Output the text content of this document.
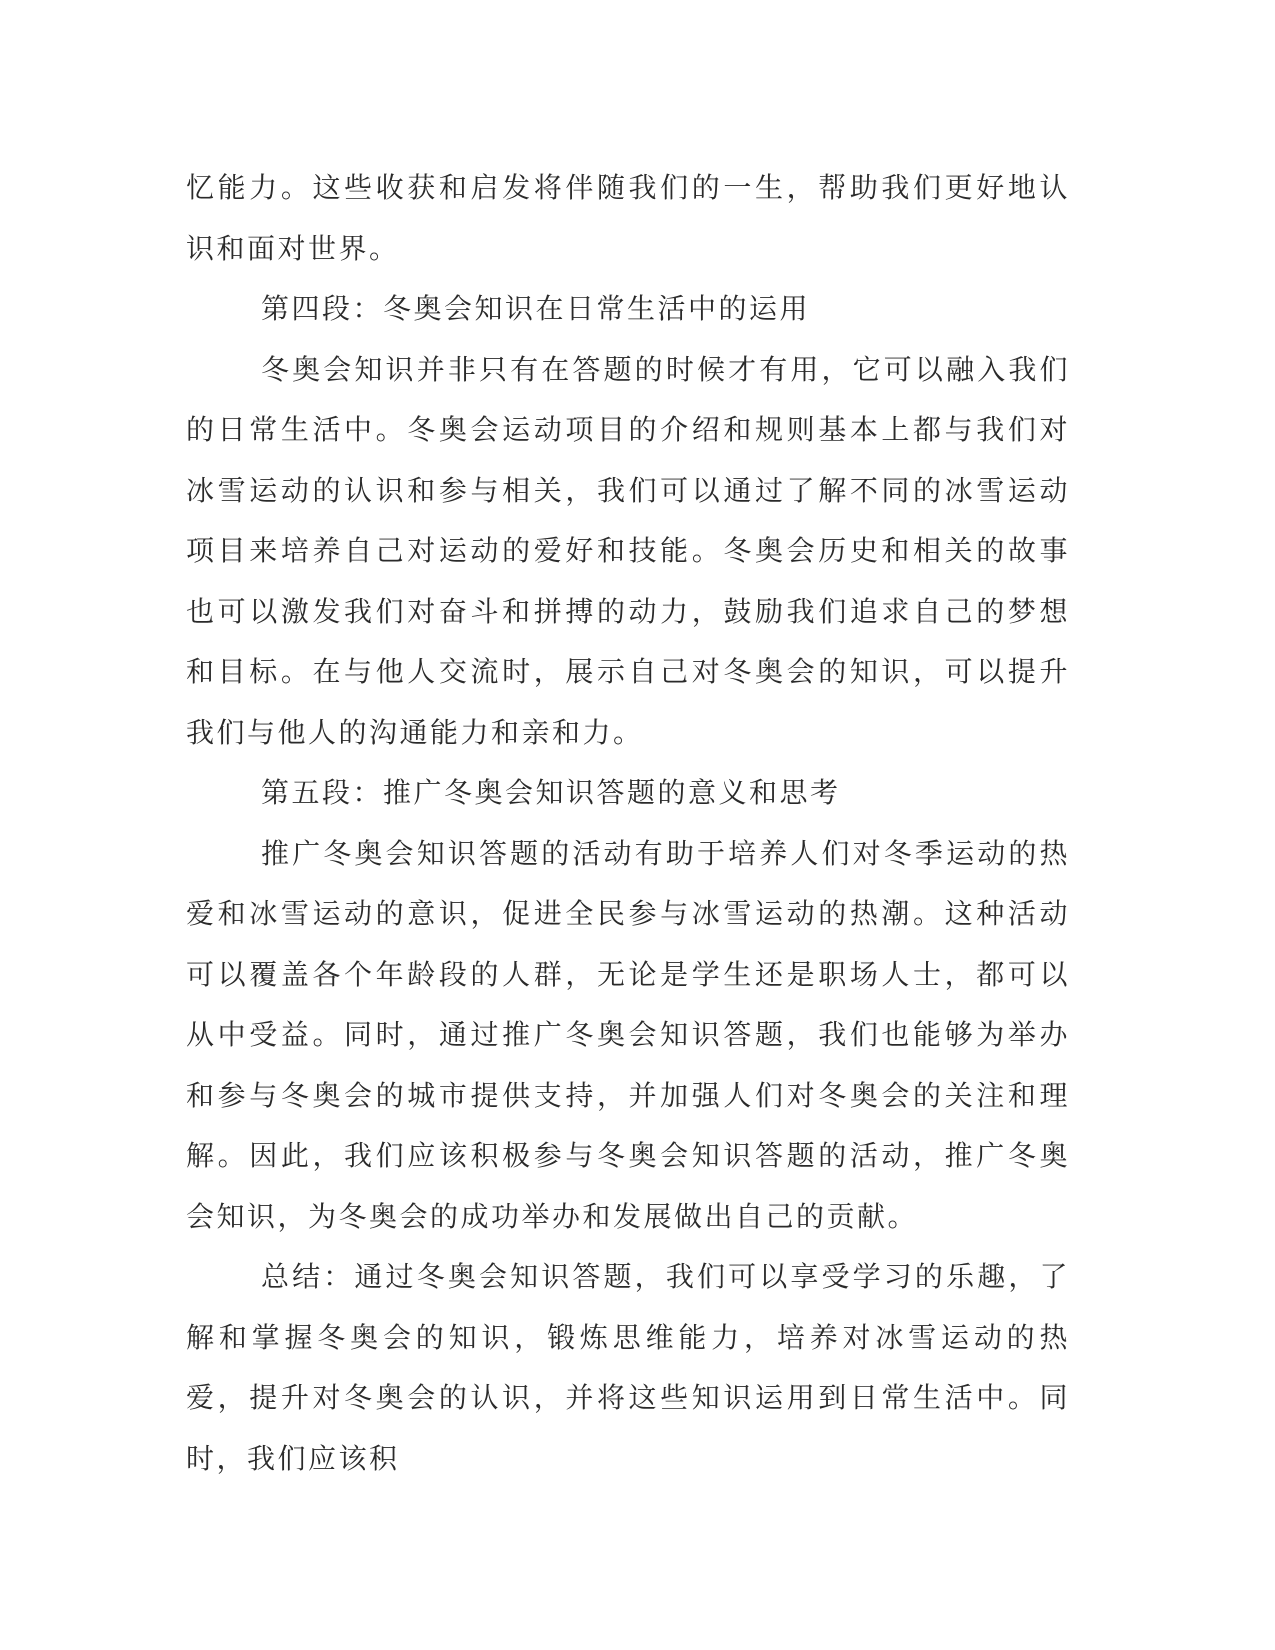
忆能力。这些收获和启发将伴随我们的一生，帮助我们更好地认识和面对世界。

第四段：冬奥会知识在日常生活中的运用

冬奥会知识并非只有在答题的时候才有用，它可以融入我们的日常生活中。冬奥会运动项目的介绍和规则基本上都与我们对冰雪运动的认识和参与相关，我们可以通过了解不同的冰雪运动项目来培养自己对运动的爱好和技能。冬奥会历史和相关的故事也可以激发我们对奋斗和拼搏的动力，鼓励我们追求自己的梦想和目标。在与他人交流时，展示自己对冬奥会的知识，可以提升我们与他人的沟通能力和亲和力。

第五段：推广冬奥会知识答题的意义和思考

推广冬奥会知识答题的活动有助于培养人们对冬季运动的热爱和冰雪运动的意识，促进全民参与冰雪运动的热潮。这种活动可以覆盖各个年龄段的人群，无论是学生还是职场人士，都可以从中受益。同时，通过推广冬奥会知识答题，我们也能够为举办和参与冬奥会的城市提供支持，并加强人们对冬奥会的关注和理解。因此，我们应该积极参与冬奥会知识答题的活动，推广冬奥会知识，为冬奥会的成功举办和发展做出自己的贡献。

总结：通过冬奥会知识答题，我们可以享受学习的乐趣，了解和掌握冬奥会的知识，锻炼思维能力，培养对冰雪运动的热爱，提升对冬奥会的认识，并将这些知识运用到日常生活中。同时，我们应该积
